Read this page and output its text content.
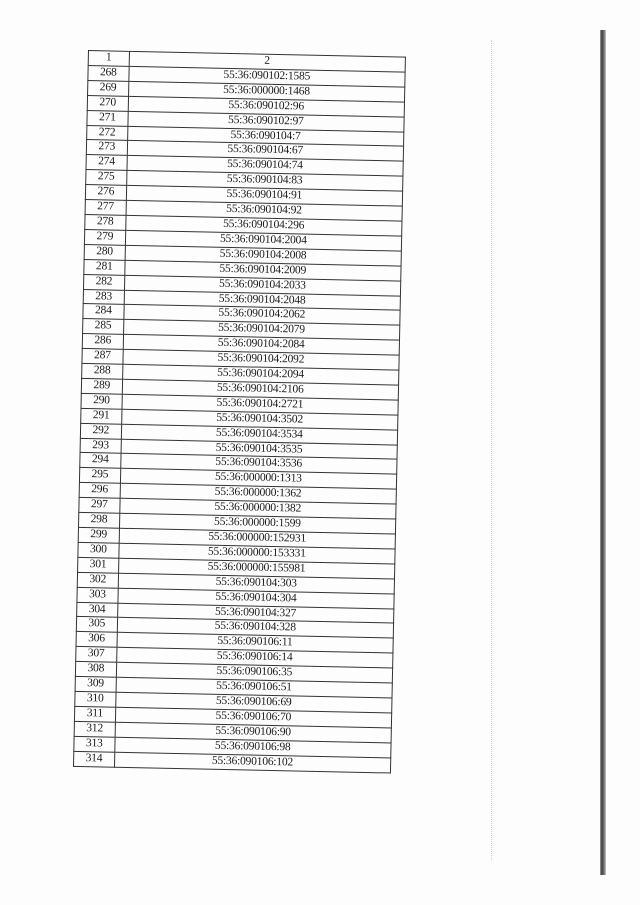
1	2
268	55:36:090102:1585
269	55:36:000000:1468
270	55:36:090102:96
271	55:36:090102:97
272	55:36:090104:7
273	55:36:090104:67
274	55:36:090104:74
275	55:36:090104:83
276	55:36:090104:91
277	55:36:090104:92
278	55:36:090104:296
279	55:36:090104:2004
280	55:36:090104:2008
281	55:36:090104:2009
282	55:36:090104:2033
283	55:36:090104:2048
284	55:36:090104:2062
285	55:36:090104:2079
286	55:36:090104:2084
287	55:36:090104:2092
288	55:36:090104:2094
289	55:36:090104:2106
290	55:36:090104:2721
291	55:36:090104:3502
292	55:36:090104:3534
293	55:36:090104:3535
294	55:36:090104:3536
295	55:36:000000:1313
296	55:36:000000:1362
297	55:36:000000:1382
298	55:36:000000:1599
299	55:36:000000:152931
300	55:36:000000:153331
301	55:36:000000:155981
302	55:36:090104:303
303	55:36:090104:304
304	55:36:090104:327
305	55:36:090104:328
306	55:36:090106:11
307	55:36:090106:14
308	55:36:090106:35
309	55:36:090106:51
310	55:36:090106:69
311	55:36:090106:70
312	55:36:090106:90
313	55:36:090106:98
314	55:36:090106:102
